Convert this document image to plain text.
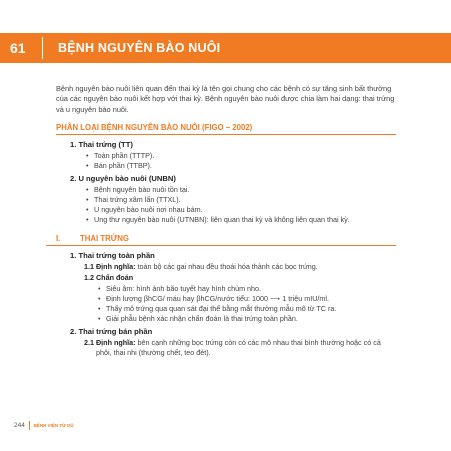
61	BỆNH NGUYÊN BÀO NUÔI

Bệnh nguyên bào nuôi liên quan đến thai kỳ là tên gọi chung cho các bệnh có sự tăng sinh bất thường của các nguyên bào nuôi kết hợp với thai kỳ. Bệnh nguyên bào nuôi được chia làm hai dạng: thai trứng và u nguyên bào nuôi.

PHÂN LOẠI BỆNH NGUYÊN BÀO NUÔI (FIGO – 2002)
1. Thai trứng (TT)
• Toàn phần (TTTP).
• Bán phần (TTBP).
2. U nguyên bào nuôi (UNBN)
• Bệnh nguyên bào nuôi tồn tại.
• Thai trứng xâm lấn (TTXL).
• U nguyên bào nuôi nơi nhau bám.
• Ung thư nguyên bào nuôi (UTNBN): liên quan thai kỳ và không liên quan thai kỳ.
I.	THAI TRỨNG
1. Thai trứng toàn phần
1.1 Định nghĩa: toàn bộ các gai nhau đều thoái hóa thành các bọc trứng.
1.2 Chẩn đoán
• Siêu âm: hình ảnh bão tuyết hay hình chùm nho.
• Định lượng βhCG/ máu hay βhCG/nước tiểu: 1000 ⟶ 1 triệu mIU/ml.
• Thấy mô trứng qua quan sát đại thể bằng mắt thường mẫu mô từ TC ra.
• Giải phẫu bệnh xác nhận chẩn đoán là thai trứng toàn phần.
2. Thai trứng bán phần
2.1 Định nghĩa: bên cạnh những bọc trứng còn có các mô nhau thai bình thường hoặc có cả phôi, thai nhi (thường chết, teo đét).
244 BỆNH VIỆN TỪ DŨ
